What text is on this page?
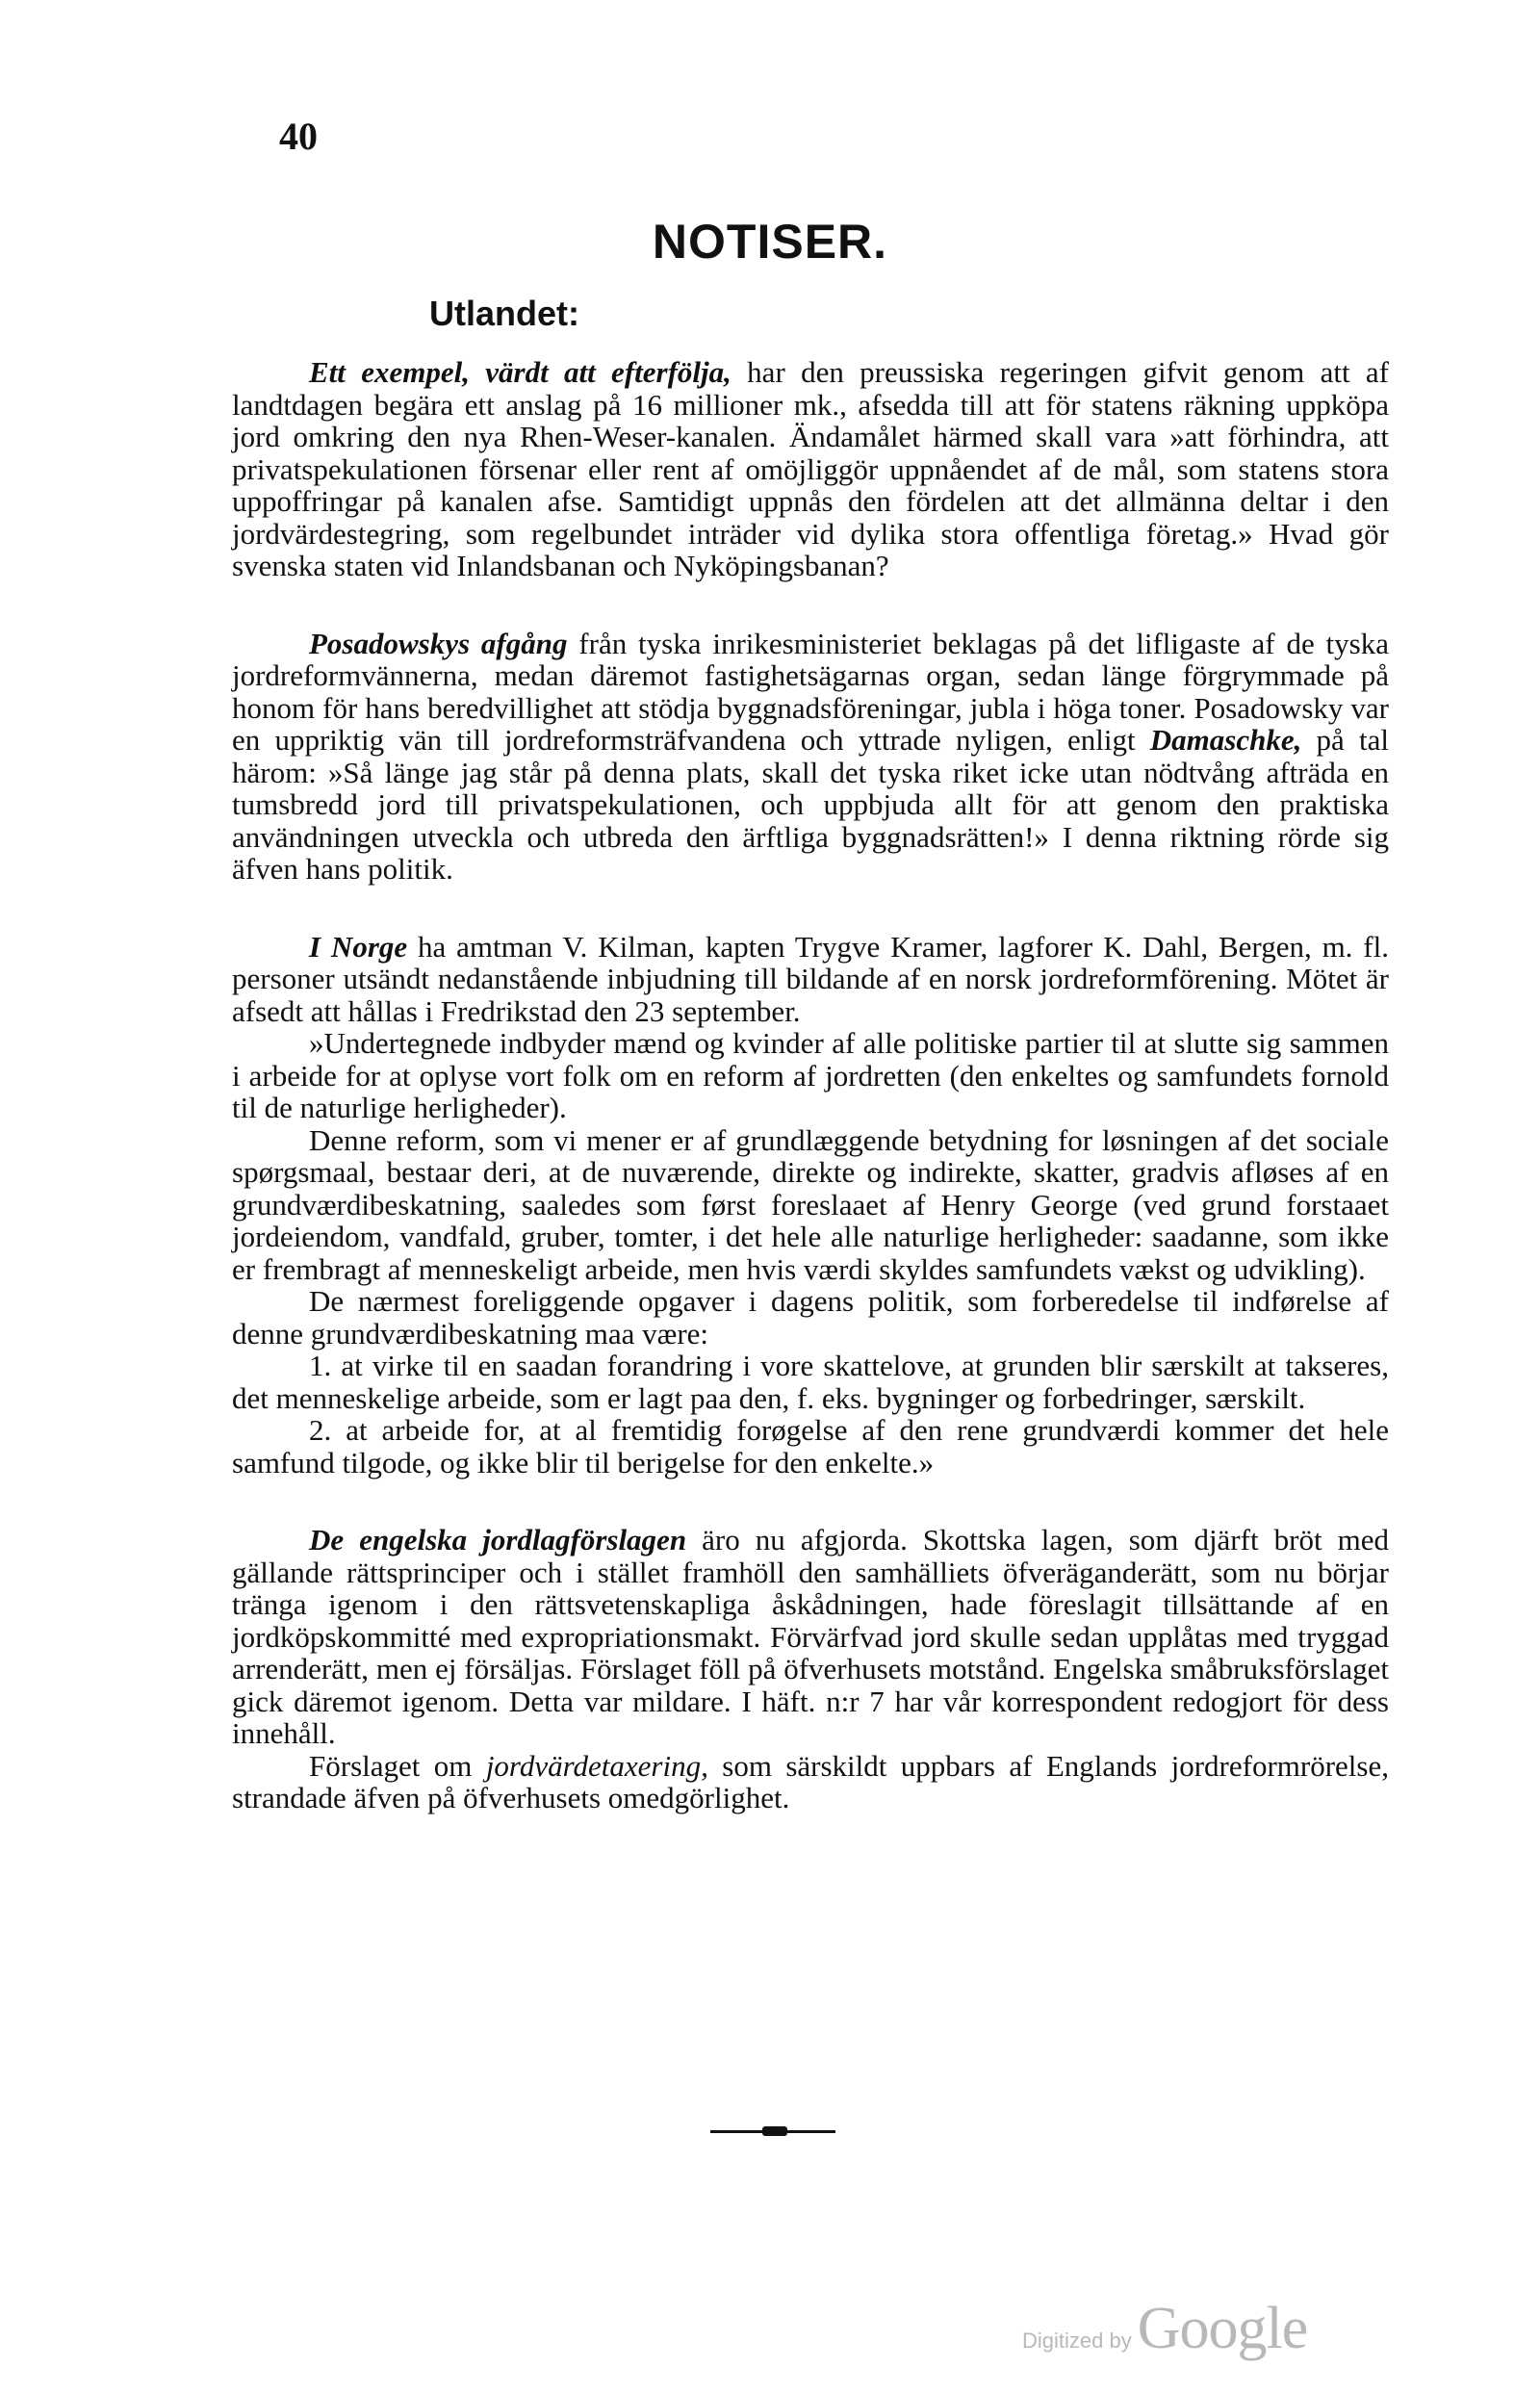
40
NOTISER.
Utlandet:

Ett exempel, värdt att efterfölja, har den preussiska regeringen gifvit genom att af landtdagen begära ett anslag på 16 millioner mk., afsedda till att för statens räkning uppköpa jord omkring den nya Rhen-Weser-kanalen. Ändamålet härmed skall vara »att förhindra, att privatspekulationen försenar eller rent af omöjliggör uppnåendet af de mål, som statens stora uppoffringar på kanalen afse. Samtidigt uppnås den fördelen att det allmänna deltar i den jordvärdestegring, som regelbundet inträder vid dylika stora offentliga företag.» Hvad gör svenska staten vid Inlandsbanan och Nyköpingsbanan?

Posadowskys afgång från tyska inrikesministeriet beklagas på det lifligaste af de tyska jordreformvännerna, medan däremot fastighetsägarnas organ, sedan länge förgrymmade på honom för hans beredvillighet att stödja byggnadsföreningar, jubla i höga toner. Posadowsky var en uppriktig vän till jordreformsträfvandena och yttrade nyligen, enligt Damaschke, på tal härom: »Så länge jag står på denna plats, skall det tyska riket icke utan nödtvång afträda en tumsbredd jord till privatspekulationen, och uppbjuda allt för att genom den praktiska användningen utveckla och utbreda den ärftliga byggnadsrätten!» I denna riktning rörde sig äfven hans politik.

I Norge ha amtman V. Kilman, kapten Trygve Kramer, lagforer K. Dahl, Bergen, m. fl. personer utsändt nedanstående inbjudning till bildande af en norsk jordreformförening. Mötet är afsedt att hållas i Fredrikstad den 23 september.

»Undertegnede indbyder mænd og kvinder af alle politiske partier til at slutte sig sammen i arbeide for at oplyse vort folk om en reform af jordretten (den enkeltes og samfundets fornold til de naturlige herligheder).

Denne reform, som vi mener er af grundlæggende betydning for løsningen af det sociale spørgsmaal, bestaar deri, at de nuværende, direkte og indirekte, skatter, gradvis afløses af en grundværdibeskatning, saaledes som først foreslaaet af Henry George (ved grund forstaaet jordeiendom, vandfald, gruber, tomter, i det hele alle naturlige herligheder: saadanne, som ikke er frembragt af menneskeligt arbeide, men hvis værdi skyldes samfundets vækst og udvikling).

De nærmest foreliggende opgaver i dagens politik, som forberedelse til indførelse af denne grundværdibeskatning maa være:

1. at virke til en saadan forandring i vore skattelove, at grunden blir særskilt at takseres, det menneskelige arbeide, som er lagt paa den, f. eks. bygninger og forbedringer, særskilt.

2. at arbeide for, at al fremtidig forøgelse af den rene grundværdi kommer det hele samfund tilgode, og ikke blir til berigelse for den enkelte.»

De engelska jordlagförslagen äro nu afgjorda. Skottska lagen, som djärft bröt med gällande rättsprinciper och i stället framhöll den samhälliets öfveräganderätt, som nu börjar tränga igenom i den rättsvetenskapliga åskådningen, hade föreslagit tillsättande af en jordköpskommitté med expropriationsmakt. Förvärfvad jord skulle sedan upplåtas med tryggad arrenderätt, men ej försäljas. Förslaget föll på öfverhusets motstånd. Engelska småbruksförslaget gick däremot igenom. Detta var mildare. I häft. n:r 7 har vår korrespondent redogjort för dess innehåll.

Förslaget om jordvärdetaxering, som särskildt uppbars af Englands jordreformrörelse, strandade äfven på öfverhusets omedgörlighet.

Digitized byGoogle
